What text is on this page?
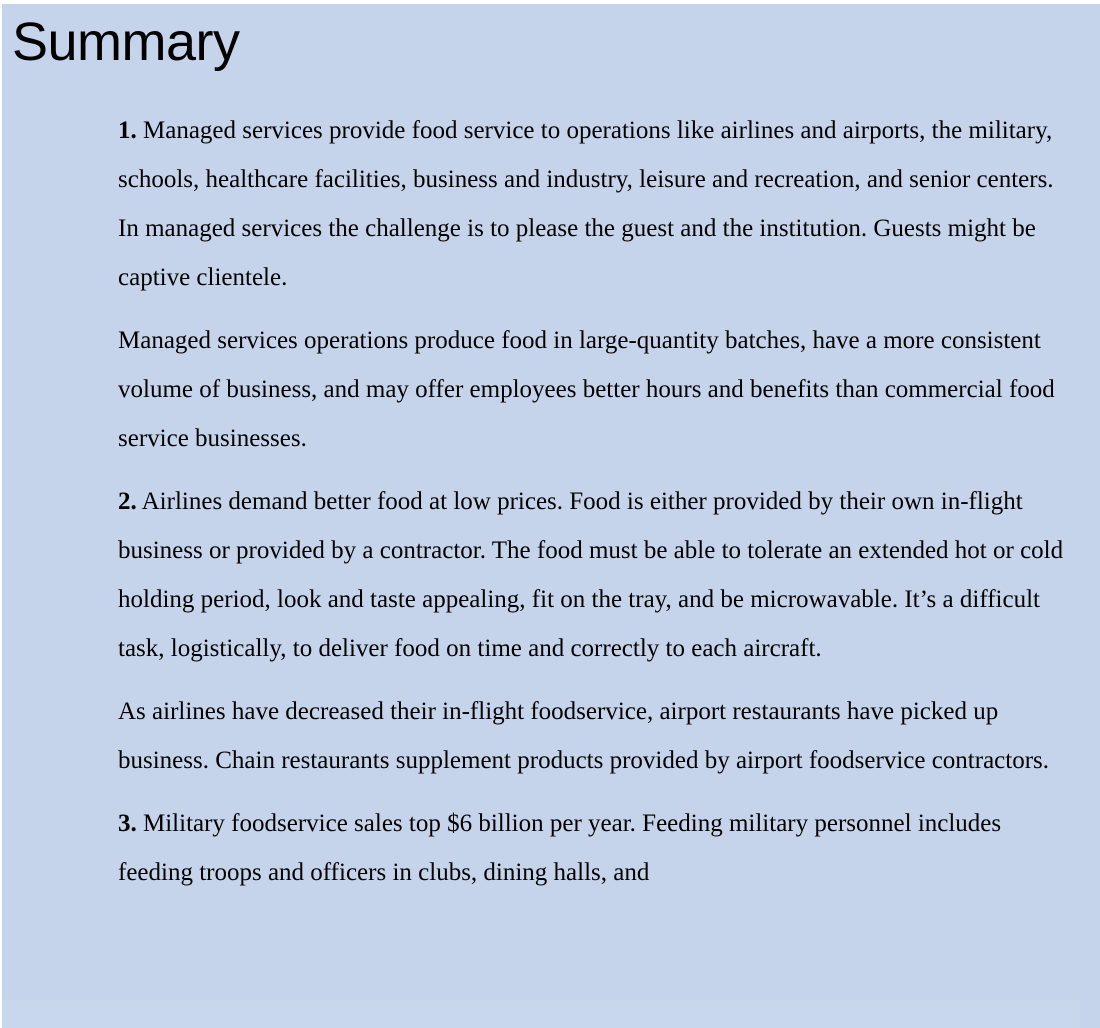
Summary

1. Managed services provide food service to operations like airlines and airports, the military, schools, healthcare facilities, business and industry, leisure and recreation, and senior centers. In managed services the challenge is to please the guest and the institution. Guests might be captive clientele.

Managed services operations produce food in large-quantity batches, have a more consistent volume of business, and may offer employees better hours and benefits than commercial food service businesses.

2. Airlines demand better food at low prices. Food is either provided by their own in-flight business or provided by a contractor. The food must be able to tolerate an extended hot or cold holding period, look and taste appealing, fit on the tray, and be microwavable. It’s a difficult task, logistically, to deliver food on time and correctly to each aircraft.

As airlines have decreased their in-flight foodservice, airport restaurants have picked up business. Chain restaurants supplement products provided by airport foodservice contractors.

3. Military foodservice sales top $6 billion per year. Feeding military personnel includes feeding troops and officers in clubs, dining halls, and
